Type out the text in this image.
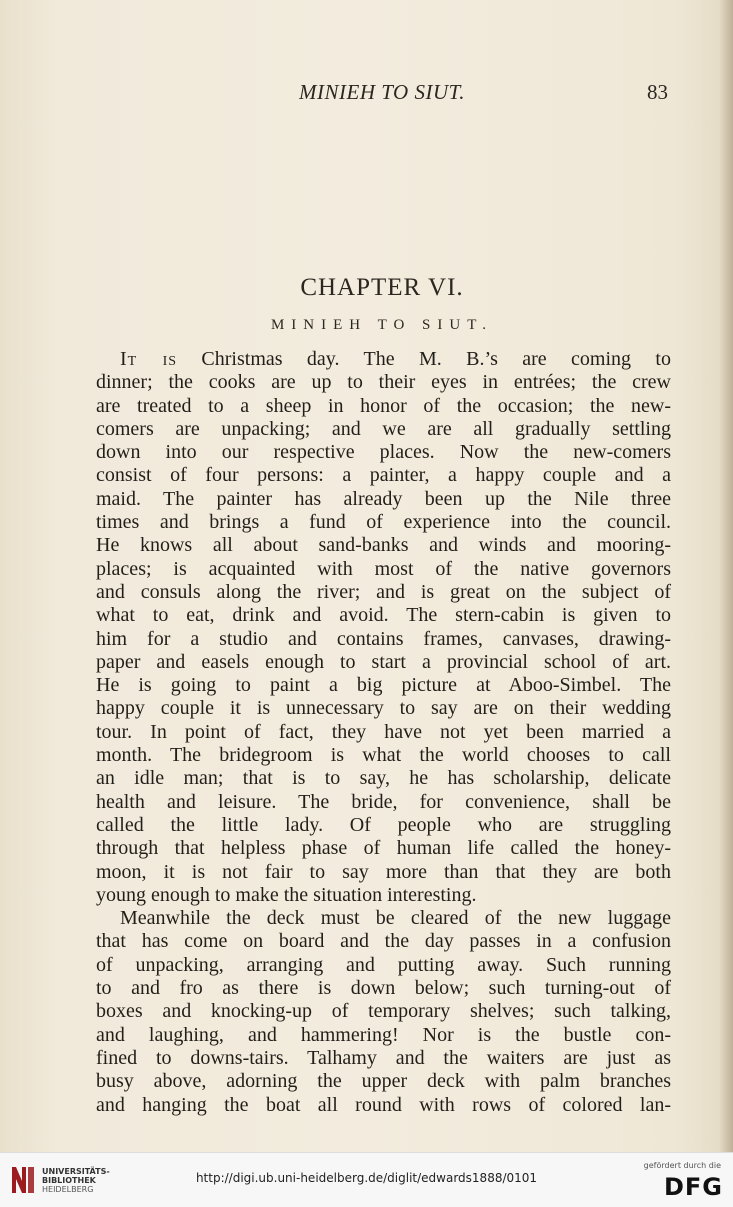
MINIEH TO SIUT.	83
CHAPTER VI.
MINIEH TO SIUT.
It is Christmas day. The M. B.’s are coming to
dinner; the cooks are up to their eyes in entrées; the crew
are treated to a sheep in honor of the occasion; the new-
comers are unpacking; and we are all gradually settling
down into our respective places. Now the new-comers
consist of four persons: a painter, a happy couple and a
maid. The painter has already been up the Nile three
times and brings a fund of experience into the council.
He knows all about sand-banks and winds and mooring-
places; is acquainted with most of the native governors
and consuls along the river; and is great on the subject of
what to eat, drink and avoid. The stern-cabin is given to
him for a studio and contains frames, canvases, drawing-
paper and easels enough to start a provincial school of art.
He is going to paint a big picture at Aboo-Simbel. The
happy couple it is unnecessary to say are on their wedding
tour. In point of fact, they have not yet been married a
month. The bridegroom is what the world chooses to call
an idle man; that is to say, he has scholarship, delicate
health and leisure. The bride, for convenience, shall be
called the little lady. Of people who are struggling
through that helpless phase of human life called the honey-
moon, it is not fair to say more than that they are both
young enough to make the situation interesting.
Meanwhile the deck must be cleared of the new luggage
that has come on board and the day passes in a confusion
of unpacking, arranging and putting away. Such running
to and fro as there is down below; such turning-out of
boxes and knocking-up of temporary shelves; such talking,
and laughing, and hammering! Nor is the bustle con-
fined to downs-tairs. Talhamy and the waiters are just as
busy above, adorning the upper deck with palm branches
and hanging the boat all round with rows of colored lan-
UNIVERSITÄTS-
BIBLIOTHEK
HEIDELBERG
http://digi.ub.uni-heidelberg.de/diglit/edwards1888/0101
gefördert durch die
DFG
